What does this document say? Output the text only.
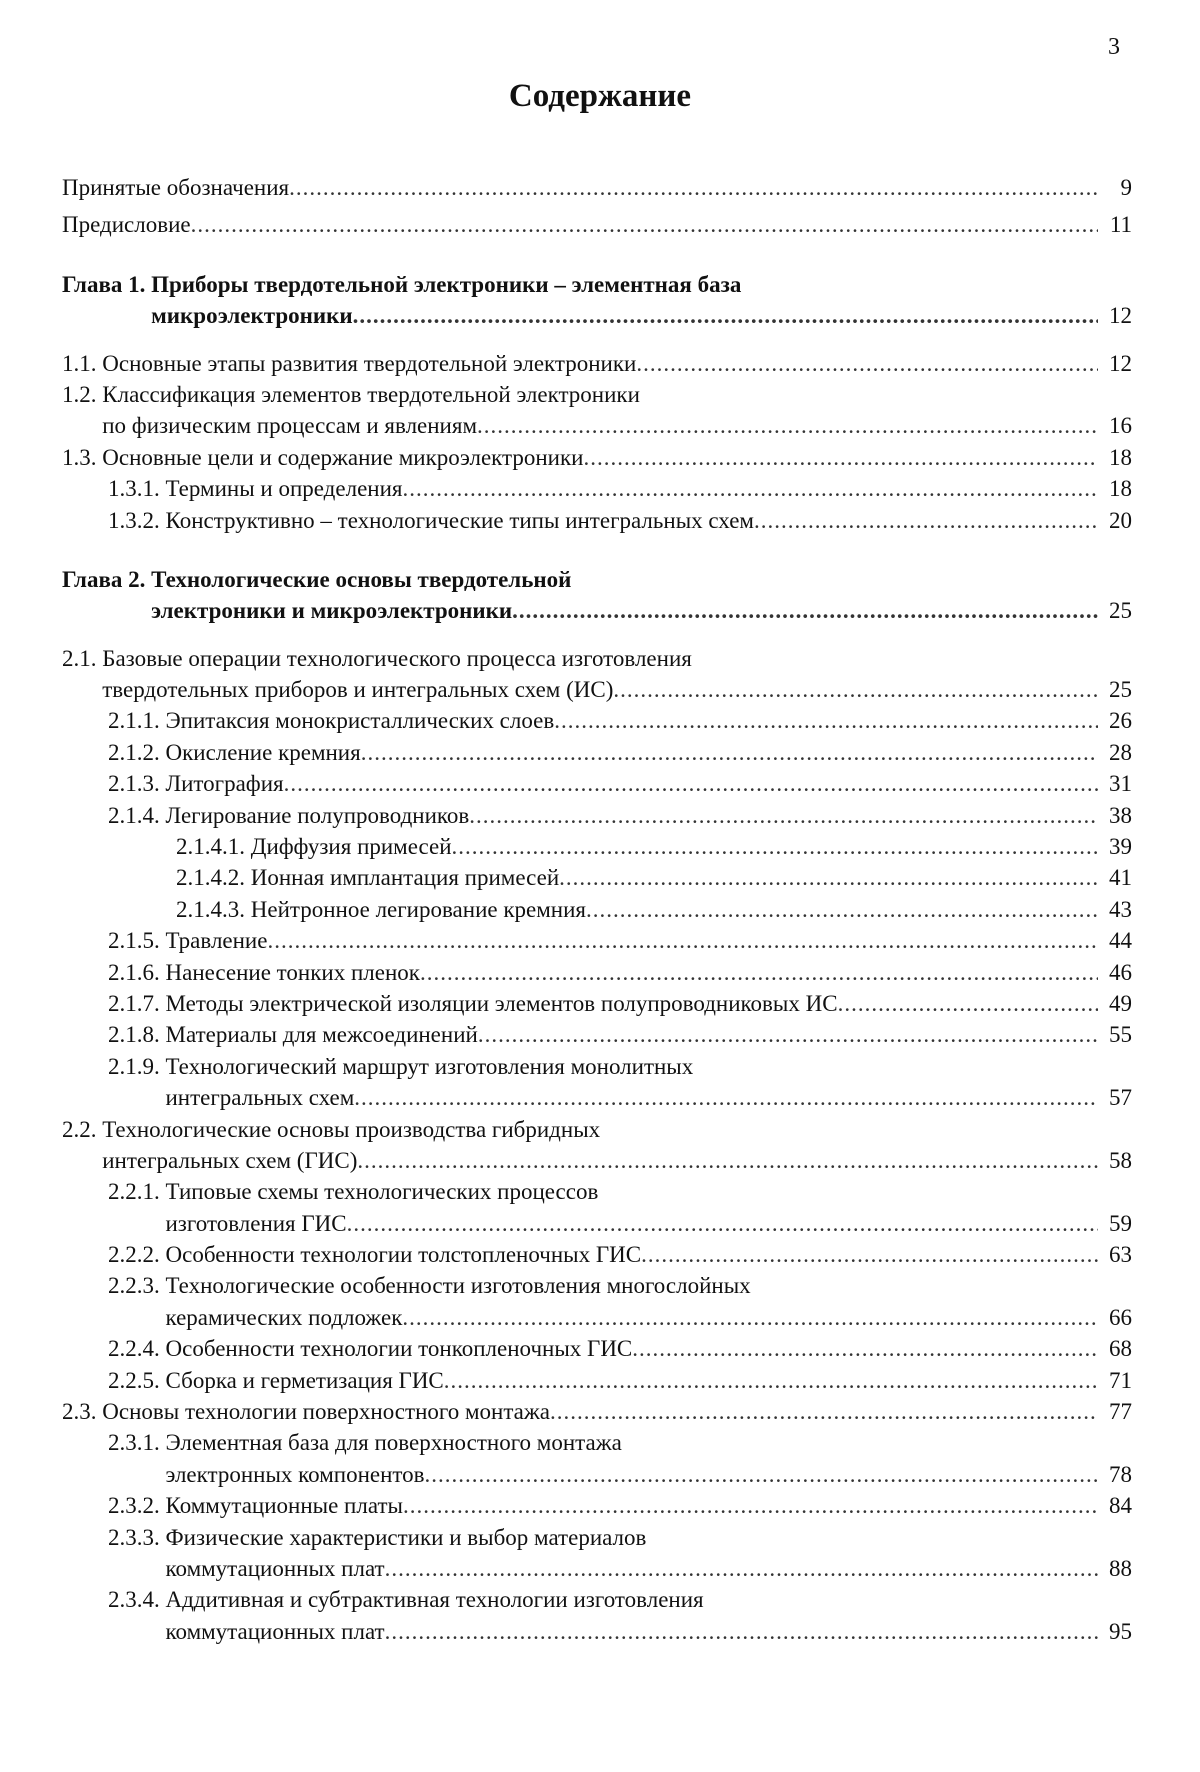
3
Содержание
Принятые обозначения .....	9
Предисловие .....	11
Глава 1. Приборы твердотельной электроники – элементная база
микроэлектроники .....	12
1.1. Основные этапы развития твердотельной электроники .....	12
1.2. Классификация элементов твердотельной электроники
по физическим процессам и явлениям .....	16
1.3. Основные цели и содержание микроэлектроники .....	18
1.3.1. Термины и определения .....	18
1.3.2. Конструктивно – технологические типы интегральных схем .....	20
Глава 2. Технологические основы твердотельной
электроники и микроэлектроники .....	25
2.1. Базовые операции технологического процесса изготовления
твердотельных приборов и интегральных схем (ИС) .....	25
2.1.1. Эпитаксия монокристаллических слоев .....	26
2.1.2. Окисление кремния .....	28
2.1.3. Литография .....	31
2.1.4. Легирование полупроводников .....	38
2.1.4.1. Диффузия примесей .....	39
2.1.4.2. Ионная имплантация примесей .....	41
2.1.4.3. Нейтронное легирование кремния .....	43
2.1.5. Травление .....	44
2.1.6. Нанесение тонких пленок .....	46
2.1.7. Методы электрической изоляции элементов полупроводниковых ИС .....	49
2.1.8. Материалы для межсоединений .....	55
2.1.9. Технологический маршрут изготовления монолитных
интегральных схем .....	57
2.2. Технологические основы производства гибридных
интегральных схем (ГИС) .....	58
2.2.1. Типовые схемы технологических процессов
изготовления ГИС .....	59
2.2.2. Особенности технологии толстопленочных ГИС .....	63
2.2.3. Технологические особенности изготовления многослойных
керамических подложек .....	66
2.2.4. Особенности технологии тонкопленочных ГИС .....	68
2.2.5. Сборка и герметизация ГИС .....	71
2.3. Основы технологии поверхностного монтажа .....	77
2.3.1. Элементная база для поверхностного монтажа
электронных компонентов .....	78
2.3.2. Коммутационные платы .....	84
2.3.3. Физические характеристики и выбор материалов
коммутационных плат .....	88
2.3.4. Аддитивная и субтрактивная технологии изготовления
коммутационных плат .....	95
